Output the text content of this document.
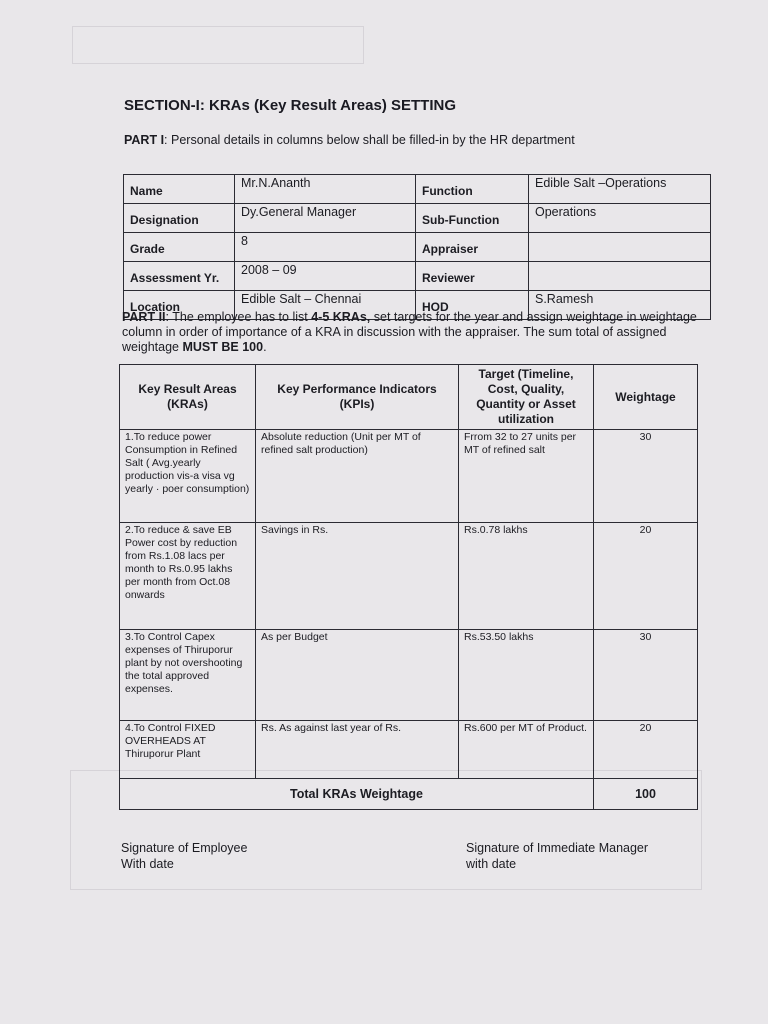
SECTION-I: KRAs (Key Result Areas) SETTING
PART I: Personal details in columns below shall be filled-in by the HR department
Name	Mr.N.Ananth	Function	Edible Salt –Operations
Designation	Dy.General Manager	Sub-Function	Operations
Grade	8	Appraiser	
Assessment Yr.	2008 – 09	Reviewer	
Location	Edible Salt – Chennai	HOD	S.Ramesh
PART II: The employee has to list 4-5 KRAs, set targets for the year and assign weightage in weightage column in order of importance of a KRA in discussion with the appraiser. The sum total of assigned weightage MUST BE 100.
Key Result Areas (KRAs)	Key Performance Indicators (KPIs)	Target (Timeline, Cost, Quality, Quantity or Asset utilization	Weightage
1.To reduce power Consumption in Refined Salt ( Avg.yearly production vis-a visa vg yearly · poer consumption)	Absolute reduction (Unit per MT of refined salt production)	Frrom 32 to 27 units per MT of refined salt	30
2.To reduce & save EB Power cost by reduction from Rs.1.08 lacs per month to Rs.0.95 lakhs per month from Oct.08 onwards	Savings in Rs.	Rs.0.78 lakhs	20
3.To Control Capex expenses of Thiruporur plant by not overshooting the total approved expenses.	As per Budget	Rs.53.50 lakhs	30
4.To Control FIXED OVERHEADS AT Thiruporur Plant	Rs. As against last year of Rs.	Rs.600 per MT of Product.	20
Total KRAs Weightage			100
Signature of Employee
With date
Signature of Immediate Manager
with date
